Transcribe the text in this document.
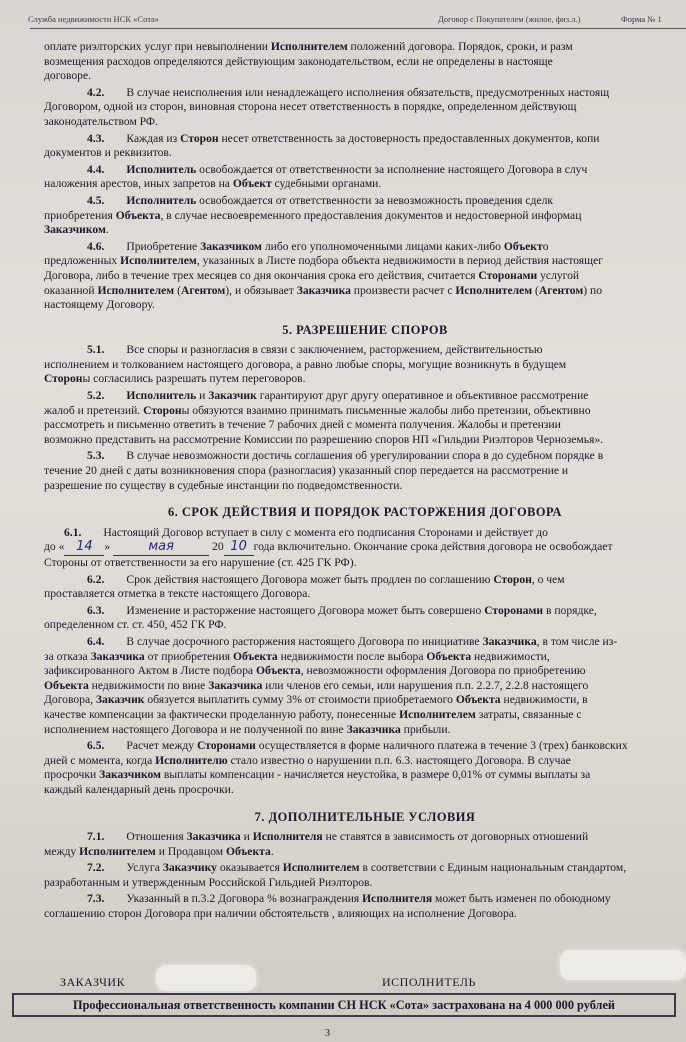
Служба недвижимости НСК «Сота»	Договор с Покупателем (жилое, физ.л.)	Форма № 1
оплате риэлторских услуг при невыполнении Исполнителем положений договора. Порядок, сроки, и разм
возмещения расходов определяются действующим законодательством, если не определены в настояще
договоре.
4.2. В случае неисполнения или ненадлежащего исполнения обязательств, предусмотренных настоящ
Договором, одной из сторон, виновная сторона несет ответственность в порядке, определенном действующ
законодательством РФ.
4.3. Каждая из Сторон несет ответственность за достоверность предоставленных документов, копи
документов и реквизитов.
4.4. Исполнитель освобождается от ответственности за исполнение настоящего Договора в случ
наложения арестов, иных запретов на Объект судебными органами.
4.5. Исполнитель освобождается от ответственности за невозможность проведения сделк
приобретения Объекта, в случае несвоевременного предоставления документов и недостоверной информац
Заказчиком.
4.6. Приобретение Заказчиком либо его уполномоченными лицами каких-либо Объекто
предложенных Исполнителем, указанных в Листе подбора объекта недвижимости в период действия настоящег
Договора, либо в течение трех месяцев со дня окончания срока его действия, считается Сторонами услугой
оказанной Исполнителем (Агентом), и обязывает Заказчика произвести расчет с Исполнителем (Агентом) по
настоящему Договору.
5. РАЗРЕШЕНИЕ СПОРОВ
5.1. Все споры и разногласия в связи с заключением, расторжением, действительностью
исполнением и толкованием настоящего договора, а равно любые споры, могущие возникнуть в будущем
Стороны согласились разрешать путем переговоров.
5.2. Исполнитель и Заказчик гарантируют друг другу оперативное и объективное рассмотрение
жалоб и претензий. Стороны обязуются взаимно принимать письменные жалобы либо претензии, объективно
рассмотреть и письменно ответить в течение 7 рабочих дней с момента получения. Жалобы и претензии
возможно представить на рассмотрение Комиссии по разрешению споров НП «Гильдии Риэлторов Черноземья».
5.3. В случае невозможности достичь соглашения об урегулировании спора в до судебном порядке в
течение 20 дней с даты возникновения спора (разногласия) указанный спор передается на рассмотрение и
разрешение по существу в судебные инстанции по подведомственности.
6. СРОК ДЕЙСТВИЯ И ПОРЯДОК РАСТОРЖЕНИЯ ДОГОВОРА
6.1. Настоящий Договор вступает в силу с момента его подписания Сторонами и действует до
до « 14 »	мая	20 10 года включительно. Окончание срока действия договора не освобождает
Стороны от ответственности за его нарушение (ст. 425 ГК РФ).
6.2. Срок действия настоящего Договора может быть продлен по соглашению Сторон, о чем
проставляется отметка в тексте настоящего Договора.
6.3. Изменение и расторжение настоящего Договора может быть совершено Сторонами в порядке,
определенном ст. ст. 450, 452 ГК РФ.
6.4. В случае досрочного расторжения настоящего Договора по инициативе Заказчика, в том числе из-
за отказа Заказчика от приобретения Объекта недвижимости после выбора Объекта недвижимости,
зафиксированного Актом в Листе подбора Объекта, невозможности оформления Договора по приобретению
Объекта недвижимости по вине Заказчика или членов его семьи, или нарушения п.п. 2.2.7, 2.2.8 настоящего
Договора, Заказчик обязуется выплатить сумму 3% от стоимости приобретаемого Объекта недвижимости, в
качестве компенсации за фактически проделанную работу, понесенные Исполнителем затраты, связанные с
исполнением настоящего Договора и не полученной по вине Заказчика прибыли.
6.5. Расчет между Сторонами осуществляется в форме наличного платежа в течение 3 (трех) банковских
дней с момента, когда Исполнителю стало известно о нарушении п.п. 6.3. настоящего Договора. В случае
просрочки Заказчиком выплаты компенсации - начисляется неустойка, в размере 0,01% от суммы выплаты за
каждый календарный день просрочки.
7. ДОПОЛНИТЕЛЬНЫЕ УСЛОВИЯ
7.1. Отношения Заказчика и Исполнителя не ставятся в зависимость от договорных отношений
между Исполнителем и Продавцом Объекта.
7.2. Услуга Заказчику оказывается Исполнителем в соответствии с Единым национальным стандартом,
разработанным и утвержденным Российской Гильдией Риэлторов.
7.3. Указанный в п.3.2 Договора % вознаграждения Исполнителя может быть изменен по обоюдному
соглашению сторон Договора при наличии обстоятельств , влияющих на исполнение Договора.
ЗАКАЗЧИК	ИСПОЛНИТЕЛЬ
Профессиональная ответственность компании СН НСК «Сота» застрахована на 4 000 000 рублей
3
